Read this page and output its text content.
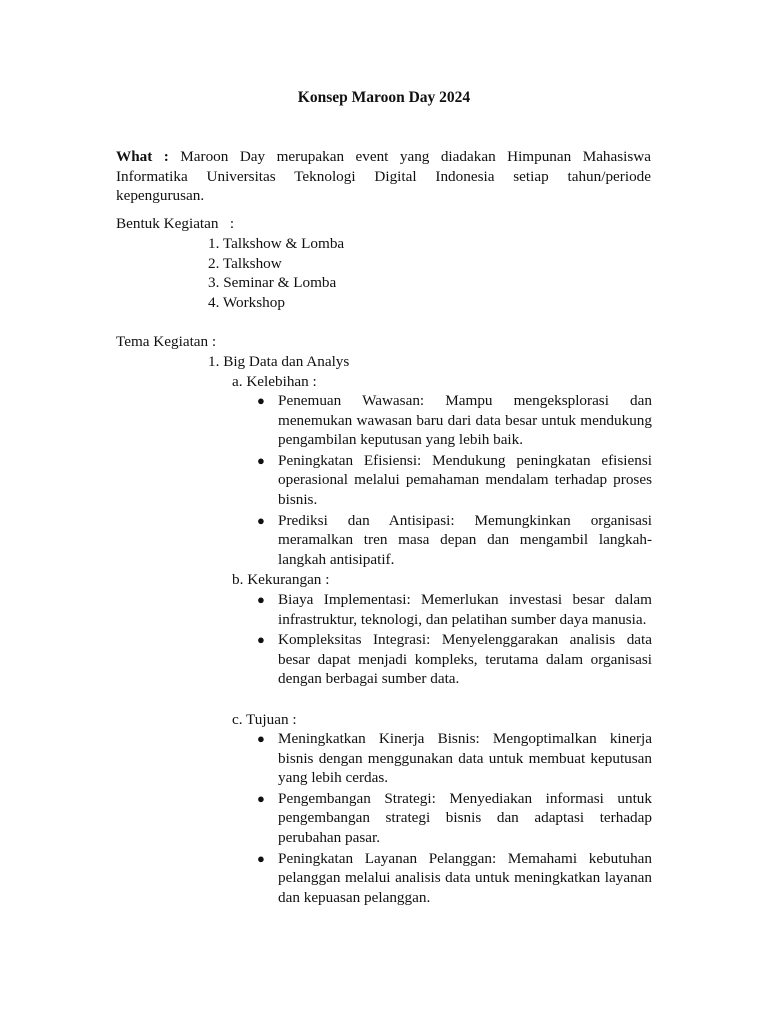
Konsep Maroon Day 2024
What : Maroon Day merupakan event yang diadakan Himpunan Mahasiswa Informatika Universitas Teknologi Digital Indonesia setiap tahun/periode kepengurusan.
Bentuk Kegiatan   :
1. Talkshow & Lomba
2. Talkshow
3. Seminar & Lomba
4. Workshop
Tema Kegiatan :
1. Big Data dan Analys
a. Kelebihan :
● Penemuan Wawasan: Mampu mengeksplorasi dan menemukan wawasan baru dari data besar untuk mendukung pengambilan keputusan yang lebih baik.
● Peningkatan Efisiensi: Mendukung peningkatan efisiensi operasional melalui pemahaman mendalam terhadap proses bisnis.
● Prediksi dan Antisipasi: Memungkinkan organisasi meramalkan tren masa depan dan mengambil langkah-langkah antisipatif.
b. Kekurangan :
● Biaya Implementasi: Memerlukan investasi besar dalam infrastruktur, teknologi, dan pelatihan sumber daya manusia.
● Kompleksitas Integrasi: Menyelenggarakan analisis data besar dapat menjadi kompleks, terutama dalam organisasi dengan berbagai sumber data.
c. Tujuan :
● Meningkatkan Kinerja Bisnis: Mengoptimalkan kinerja bisnis dengan menggunakan data untuk membuat keputusan yang lebih cerdas.
● Pengembangan Strategi: Menyediakan informasi untuk pengembangan strategi bisnis dan adaptasi terhadap perubahan pasar.
● Peningkatan Layanan Pelanggan: Memahami kebutuhan pelanggan melalui analisis data untuk meningkatkan layanan dan kepuasan pelanggan.
